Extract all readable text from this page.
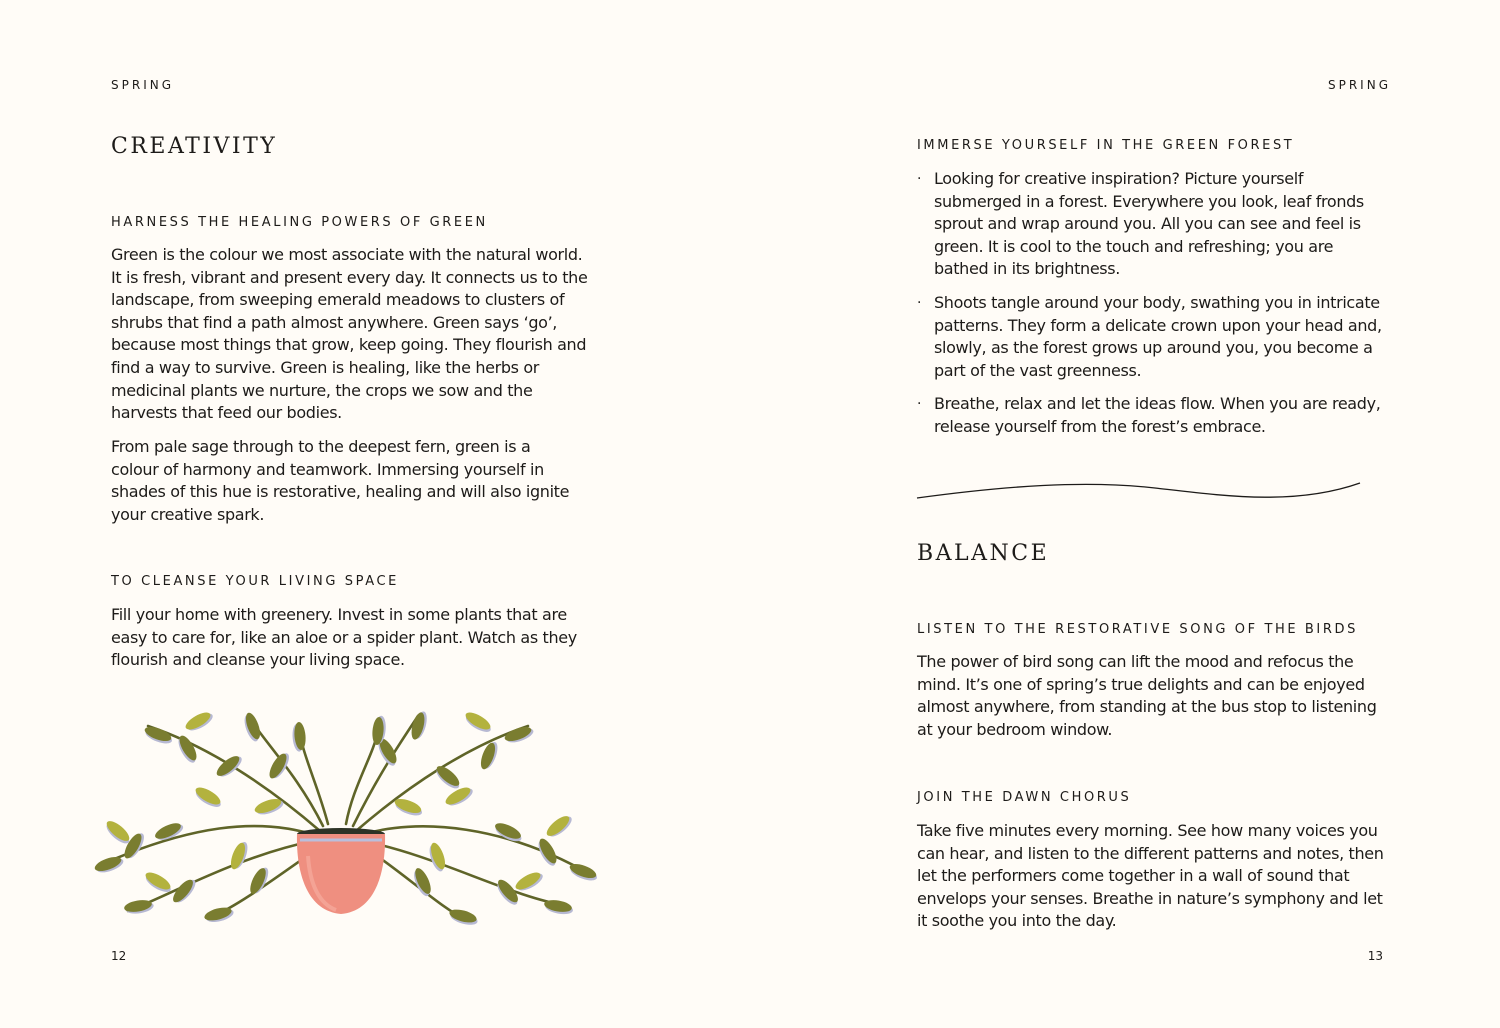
SPRING
CREATIVITY
HARNESS THE HEALING POWERS OF GREEN

Green is the colour we most associate with the natural world. It is fresh, vibrant and present every day. It connects us to the landscape, from sweeping emerald meadows to clusters of shrubs that find a path almost anywhere. Green says ‘go’, because most things that grow, keep going. They flourish and find a way to survive. Green is healing, like the herbs or medicinal plants we nurture, the crops we sow and the harvests that feed our bodies.

From pale sage through to the deepest fern, green is a colour of harmony and teamwork. Immersing yourself in shades of this hue is restorative, healing and will also ignite your creative spark.

TO CLEANSE YOUR LIVING SPACE

Fill your home with greenery. Invest in some plants that are easy to care for, like an aloe or a spider plant. Watch as they flourish and cleanse your living space.

12
SPRING
IMMERSE YOURSELF IN THE GREEN FOREST
· Looking for creative inspiration? Picture yourself submerged in a forest. Everywhere you look, leaf fronds sprout and wrap around you. All you can see and feel is green. It is cool to the touch and refreshing; you are bathed in its brightness.
· Shoots tangle around your body, swathing you in intricate patterns. They form a delicate crown upon your head and, slowly, as the forest grows up around you, you become a part of the vast greenness.
· Breathe, relax and let the ideas flow. When you are ready, release yourself from the forest’s embrace.
BALANCE
LISTEN TO THE RESTORATIVE SONG OF THE BIRDS

The power of bird song can lift the mood and refocus the mind. It’s one of spring’s true delights and can be enjoyed almost anywhere, from standing at the bus stop to listening at your bedroom window.

JOIN THE DAWN CHORUS

Take five minutes every morning. See how many voices you can hear, and listen to the different patterns and notes, then let the performers come together in a wall of sound that envelops your senses. Breathe in nature’s symphony and let it soothe you into the day.

13
